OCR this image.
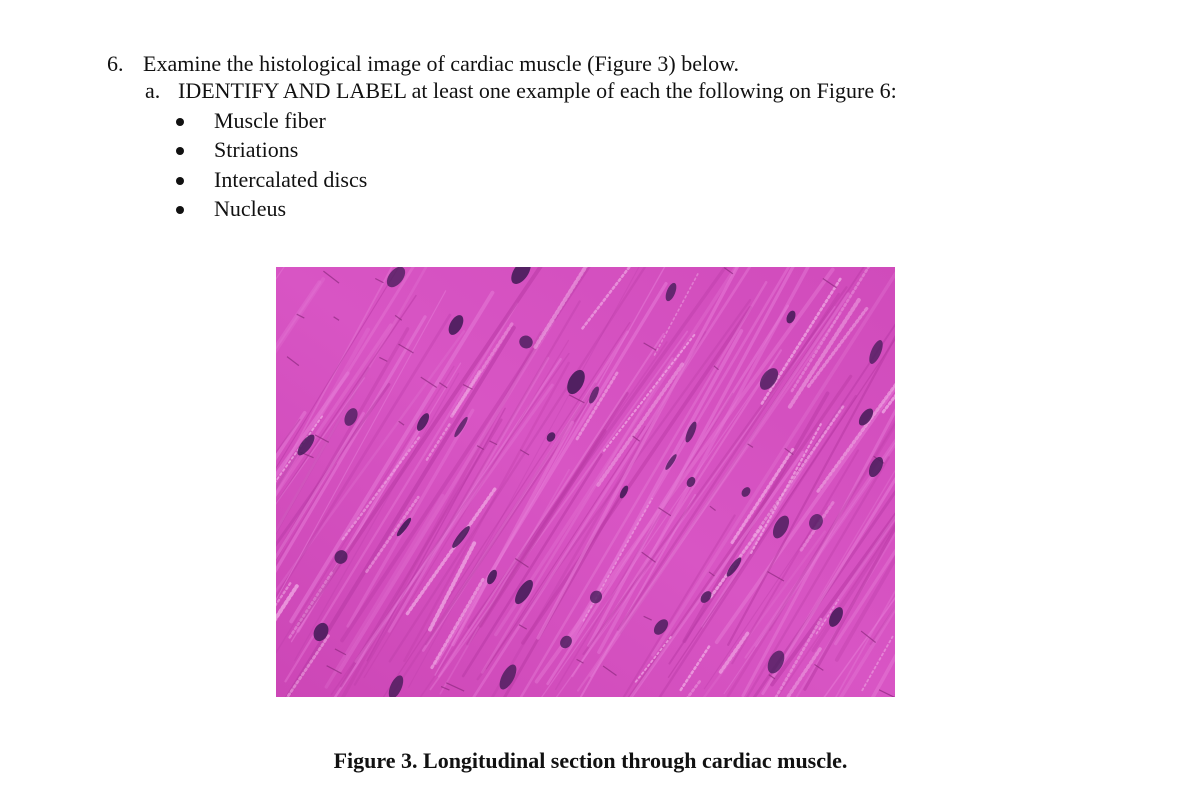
6. Examine the histological image of cardiac muscle (Figure 3) below.
a. IDENTIFY AND LABEL at least one example of each the following on Figure 6:
Muscle fiber
Striations
Intercalated discs
Nucleus
Figure 3. Longitudinal section through cardiac muscle.
